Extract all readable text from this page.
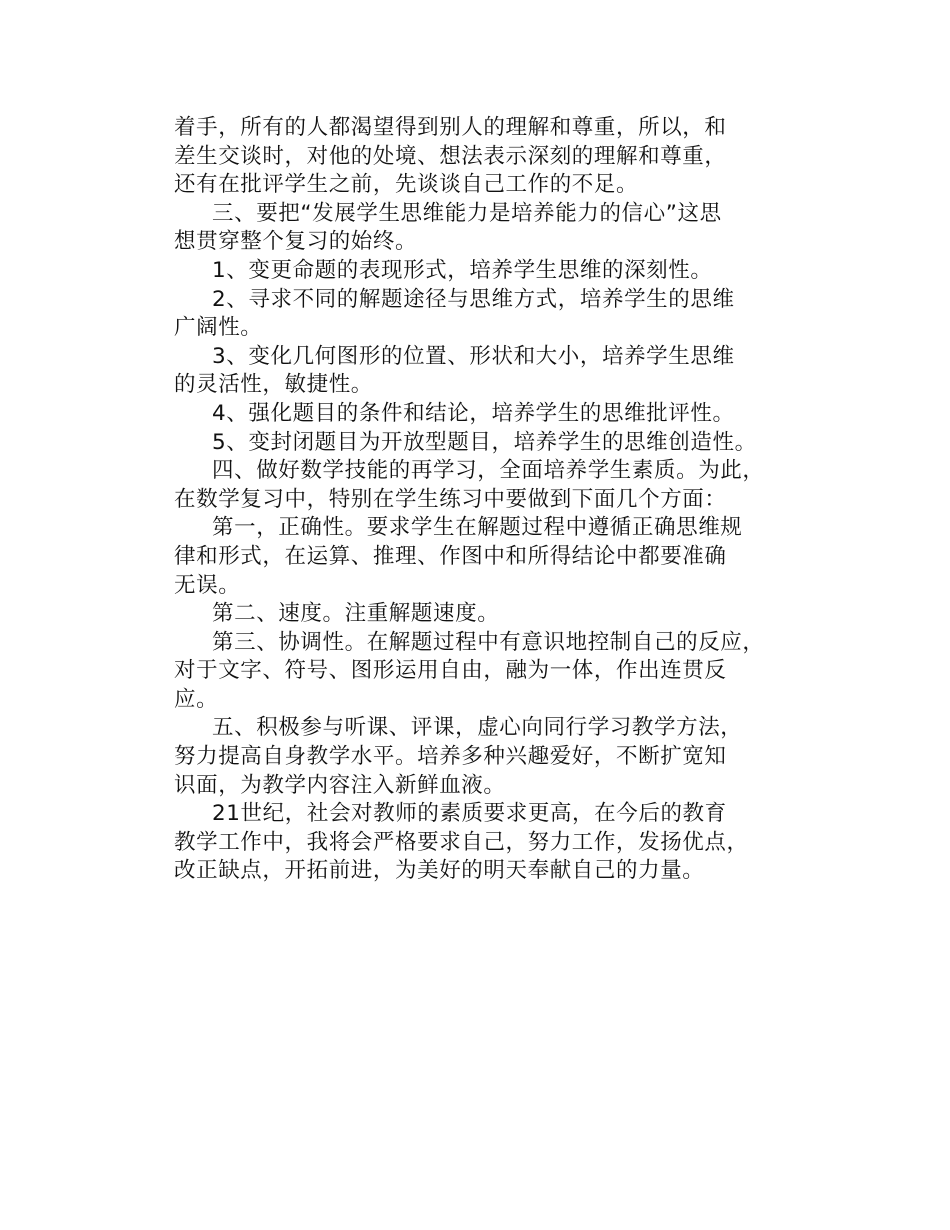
着手，所有的人都渴望得到别人的理解和尊重，所以，和
差生交谈时，对他的处境、想法表示深刻的理解和尊重，
还有在批评学生之前，先谈谈自己工作的不足。

三、要把“发展学生思维能力是培养能力的信心”这思
想贯穿整个复习的始终。

1、变更命题的表现形式，培养学生思维的深刻性。

2、寻求不同的解题途径与思维方式，培养学生的思维
广阔性。

3、变化几何图形的位置、形状和大小，培养学生思维
的灵活性，敏捷性。

4、强化题目的条件和结论，培养学生的思维批评性。

5、变封闭题目为开放型题目，培养学生的思维创造性。

四、做好数学技能的再学习，全面培养学生素质。为此，
在数学复习中，特别在学生练习中要做到下面几个方面：

第一，正确性。要求学生在解题过程中遵循正确思维规
律和形式，在运算、推理、作图中和所得结论中都要准确
无误。

第二、速度。注重解题速度。

第三、协调性。在解题过程中有意识地控制自己的反应，
对于文字、符号、图形运用自由，融为一体，作出连贯反
应。

五、积极参与听课、评课，虚心向同行学习教学方法，
努力提高自身教学水平。培养多种兴趣爱好，不断扩宽知
识面，为教学内容注入新鲜血液。

21世纪，社会对教师的素质要求更高，在今后的教育
教学工作中，我将会严格要求自己，努力工作，发扬优点，
改正缺点，开拓前进，为美好的明天奉献自己的力量。
